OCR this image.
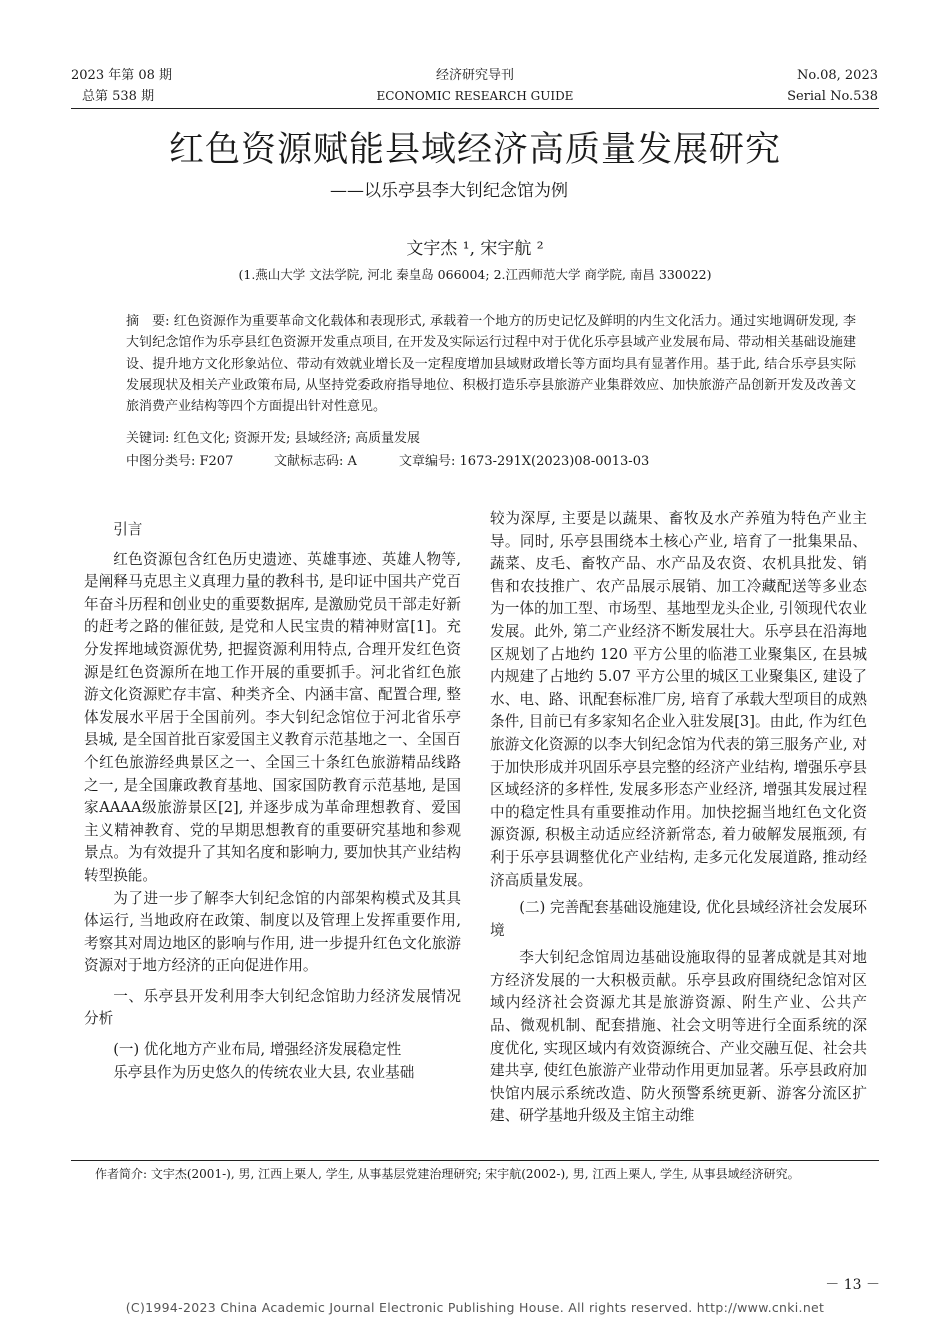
2023 年第 08 期
总第 538 期
经济研究导刊
ECONOMIC RESEARCH GUIDE
No.08, 2023
Serial No.538
红色资源赋能县域经济高质量发展研究
——以乐亭县李大钊纪念馆为例
文宇杰 ¹, 宋宇航 ²
(1.燕山大学 文法学院, 河北 秦皇岛 066004; 2.江西师范大学 商学院, 南昌 330022)

摘　要: 红色资源作为重要革命文化载体和表现形式, 承载着一个地方的历史记忆及鲜明的内生文化活力。通过实地调研发现, 李大钊纪念馆作为乐亭县红色资源开发重点项目, 在开发及实际运行过程中对于优化乐亭县域产业发展布局、带动相关基础设施建设、提升地方文化形象站位、带动有效就业增长及一定程度增加县域财政增长等方面均具有显著作用。基于此, 结合乐亭县实际发展现状及相关产业政策布局, 从坚持党委政府指导地位、积极打造乐亭县旅游产业集群效应、加快旅游产品创新开发及改善文旅消费产业结构等四个方面提出针对性意见。

关键词: 红色文化; 资源开发; 县域经济; 高质量发展
中图分类号: F207	文献标志码: A	文章编号: 1673-291X(2023)08-0013-03

引言

红色资源包含红色历史遗迹、英雄事迹、英雄人物等, 是阐释马克思主义真理力量的教科书, 是印证中国共产党百年奋斗历程和创业史的重要数据库, 是激励党员干部走好新的赶考之路的催征鼓, 是党和人民宝贵的精神财富[1]。充分发挥地域资源优势, 把握资源利用特点, 合理开发红色资源是红色资源所在地工作开展的重要抓手。河北省红色旅游文化资源贮存丰富、种类齐全、内涵丰富、配置合理, 整体发展水平居于全国前列。李大钊纪念馆位于河北省乐亭县城, 是全国首批百家爱国主义教育示范基地之一、全国百个红色旅游经典景区之一、全国三十条红色旅游精品线路之一, 是全国廉政教育基地、国家国防教育示范基地, 是国家AAAA级旅游景区[2], 并逐步成为革命理想教育、爱国主义精神教育、党的早期思想教育的重要研究基地和参观景点。为有效提升了其知名度和影响力, 要加快其产业结构转型换能。

为了进一步了解李大钊纪念馆的内部架构模式及其具体运行, 当地政府在政策、制度以及管理上发挥重要作用, 考察其对周边地区的影响与作用, 进一步提升红色文化旅游资源对于地方经济的正向促进作用。

一、乐亭县开发利用李大钊纪念馆助力经济发展情况分析

(一) 优化地方产业布局, 增强经济发展稳定性

乐亭县作为历史悠久的传统农业大县, 农业基础

较为深厚, 主要是以蔬果、畜牧及水产养殖为特色产业主导。同时, 乐亭县围绕本土核心产业, 培育了一批集果品、蔬菜、皮毛、畜牧产品、水产品及农资、农机具批发、销售和农技推广、农产品展示展销、加工冷藏配送等多业态为一体的加工型、市场型、基地型龙头企业, 引领现代农业发展。此外, 第二产业经济不断发展壮大。乐亭县在沿海地区规划了占地约 120 平方公里的临港工业聚集区, 在县城内规建了占地约 5.07 平方公里的城区工业聚集区, 建设了水、电、路、讯配套标准厂房, 培育了承载大型项目的成熟条件, 目前已有多家知名企业入驻发展[3]。由此, 作为红色旅游文化资源的以李大钊纪念馆为代表的第三服务产业, 对于加快形成并巩固乐亭县完整的经济产业结构, 增强乐亭县区域经济的多样性, 发展多形态产业经济, 增强其发展过程中的稳定性具有重要推动作用。加快挖掘当地红色文化资源资源, 积极主动适应经济新常态, 着力破解发展瓶颈, 有利于乐亭县调整优化产业结构, 走多元化发展道路, 推动经济高质量发展。

(二) 完善配套基础设施建设, 优化县域经济社会发展环境

李大钊纪念馆周边基础设施取得的显著成就是其对地方经济发展的一大积极贡献。乐亭县政府围绕纪念馆对区域内经济社会资源尤其是旅游资源、附生产业、公共产品、微观机制、配套措施、社会文明等进行全面系统的深度优化, 实现区域内有效资源统合、产业交融互促、社会共建共享, 使红色旅游产业带动作用更加显著。乐亭县政府加快馆内展示系统改造、防火预警系统更新、游客分流区扩建、研学基地升级及主馆主动维

作者简介: 文宇杰(2001-), 男, 江西上栗人, 学生, 从事基层党建治理研究; 宋宇航(2002-), 男, 江西上栗人, 学生, 从事县域经济研究。
－ 13 －
(C)1994-2023 China Academic Journal Electronic Publishing House. All rights reserved. http://www.cnki.net
